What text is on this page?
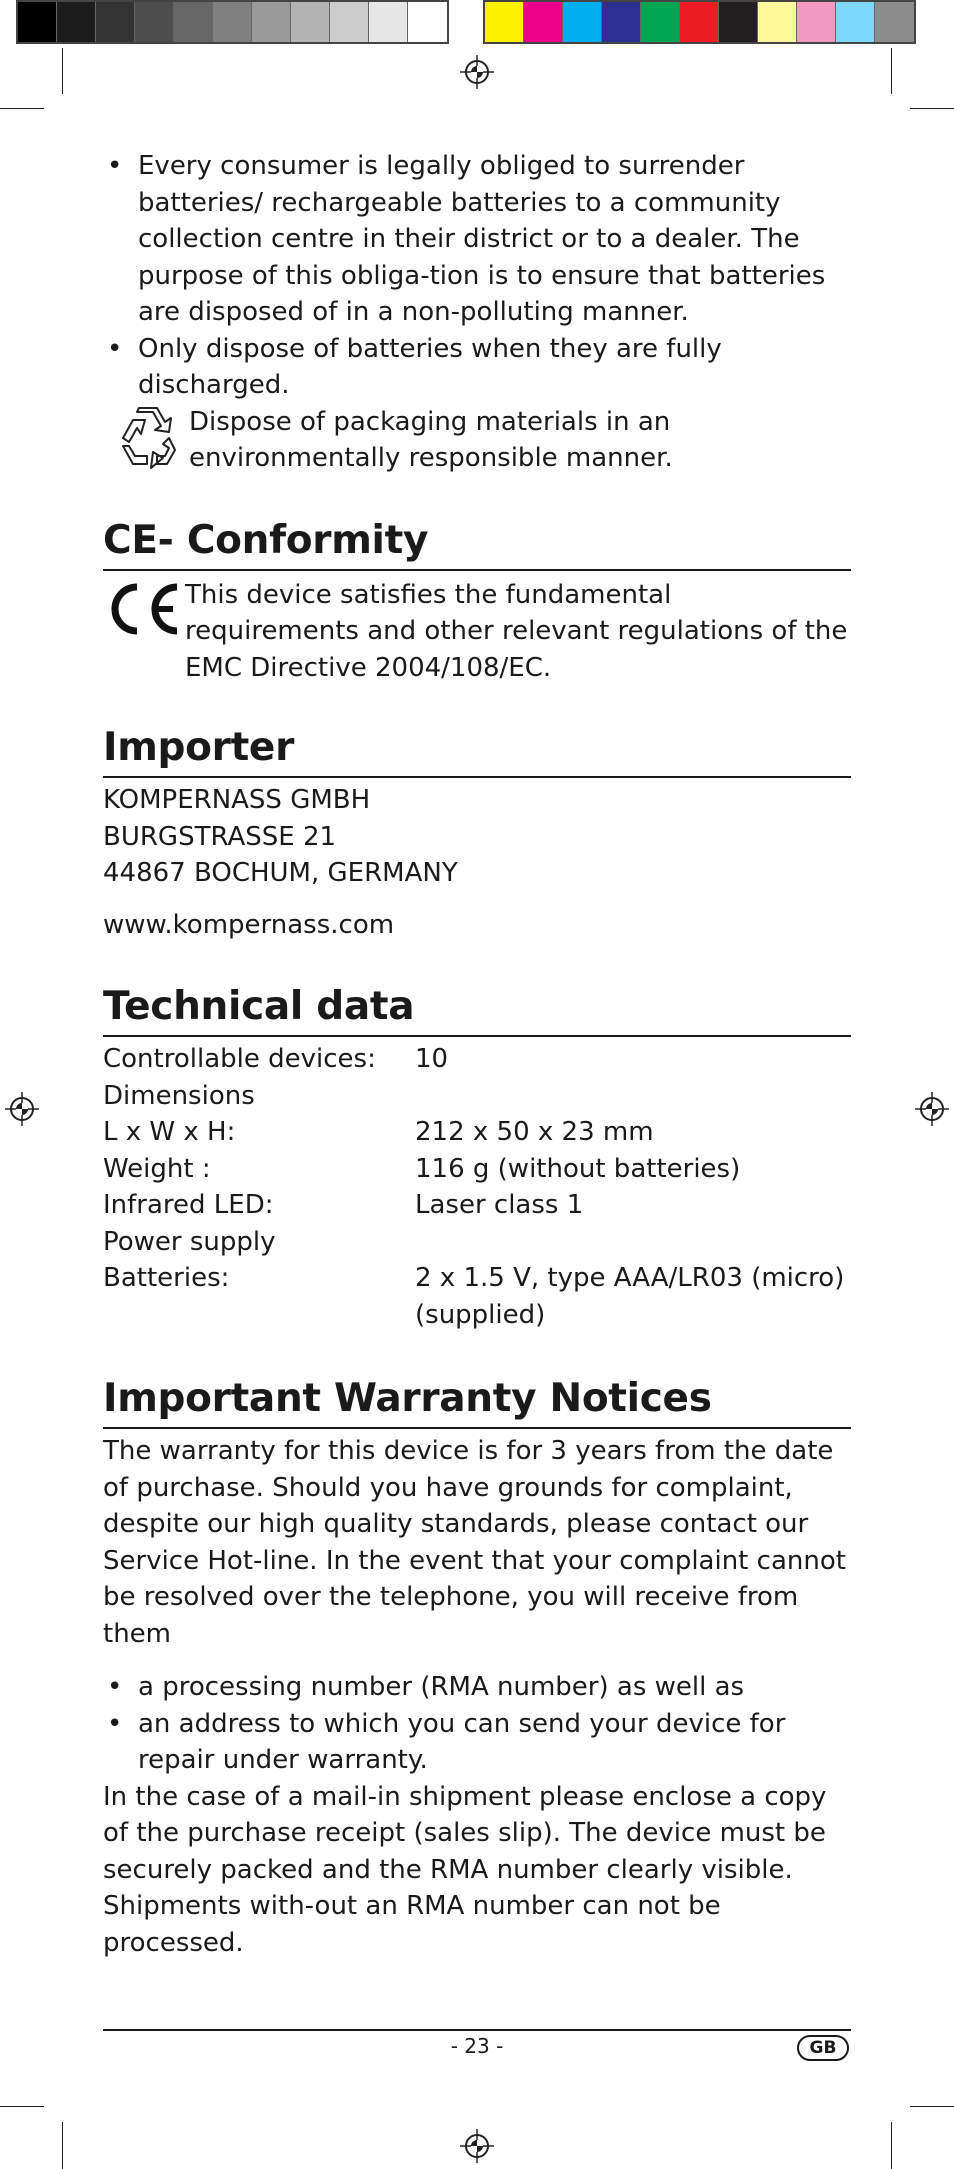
• Every consumer is legally obliged to surrender batteries/ rechargeable batteries to a community collection centre in their district or to a dealer. The purpose of this obliga-tion is to ensure that batteries are disposed of in a non-polluting manner.
• Only dispose of batteries when they are fully discharged.
Dispose of packaging materials in an environmentally responsible manner.
CE- Conformity
This device satisfies the fundamental requirements and other relevant regulations of the EMC Directive 2004/108/EC.
Importer

KOMPERNASS GMBH

BURGSTRASSE 21

44867 BOCHUM, GERMANY

www.kompernass.com
Technical data
Controllable devices:	10
Dimensions	
L x W x H:	212 x 50 x 23 mm
Weight :	116 g (without batteries)
Infrared LED:	Laser class 1
Power supply	
Batteries:	2 x 1.5 V, type AAA/LR03 (micro)
	(supplied)
Important Warranty Notices

The warranty for this device is for 3 years from the date of purchase. Should you have grounds for complaint, despite our high quality standards, please contact our Service Hot-line. In the event that your complaint cannot be resolved over the telephone, you will receive from them

• a processing number (RMA number) as well as
• an address to which you can send your device for repair under warranty.

In the case of a mail-in shipment please enclose a copy of the purchase receipt (sales slip). The device must be securely packed and the RMA number clearly visible. Shipments with-out an RMA number can not be processed.

- 23 -	GB
